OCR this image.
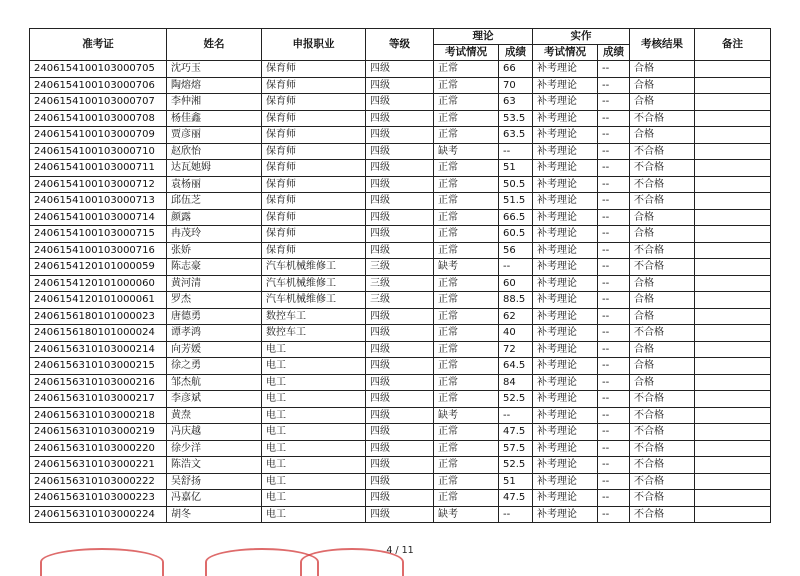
准考证	姓名	申报职业	等级	理论		实作		考核结果	备注
				考试情况	成绩	考试情况	成绩		
2406154100103000705	沈巧玉	保育师	四级	正常	66	补考理论	--	合格	
2406154100103000706	陶熔熔	保育师	四级	正常	70	补考理论	--	合格	
2406154100103000707	李仲湘	保育师	四级	正常	63	补考理论	--	合格	
2406154100103000708	杨佳鑫	保育师	四级	正常	53.5	补考理论	--	不合格	
2406154100103000709	贾彦丽	保育师	四级	正常	63.5	补考理论	--	合格	
2406154100103000710	赵欣怡	保育师	四级	缺考	--	补考理论	--	不合格	
2406154100103000711	达瓦她姆	保育师	四级	正常	51	补考理论	--	不合格	
2406154100103000712	袁杨丽	保育师	四级	正常	50.5	补考理论	--	不合格	
2406154100103000713	邱伍芝	保育师	四级	正常	51.5	补考理论	--	不合格	
2406154100103000714	颜露	保育师	四级	正常	66.5	补考理论	--	合格	
2406154100103000715	冉茂玲	保育师	四级	正常	60.5	补考理论	--	合格	
2406154100103000716	张娇	保育师	四级	正常	56	补考理论	--	不合格	
2406154120101000059	陈志豪	汽车机械维修工	三级	缺考	--	补考理论	--	不合格	
2406154120101000060	黄河清	汽车机械维修工	三级	正常	60	补考理论	--	合格	
2406154120101000061	罗杰	汽车机械维修工	三级	正常	88.5	补考理论	--	合格	
2406156180101000023	唐德勇	数控车工	四级	正常	62	补考理论	--	合格	
2406156180101000024	谭孝鸿	数控车工	四级	正常	40	补考理论	--	不合格	
2406156310103000214	向芳媛	电工	四级	正常	72	补考理论	--	合格	
2406156310103000215	徐之勇	电工	四级	正常	64.5	补考理论	--	合格	
2406156310103000216	邹杰航	电工	四级	正常	84	补考理论	--	合格	
2406156310103000217	李彦斌	电工	四级	正常	52.5	补考理论	--	不合格	
2406156310103000218	黄焘	电工	四级	缺考	--	补考理论	--	不合格	
2406156310103000219	冯庆越	电工	四级	正常	47.5	补考理论	--	不合格	
2406156310103000220	徐少洋	电工	四级	正常	57.5	补考理论	--	不合格	
2406156310103000221	陈浩文	电工	四级	正常	52.5	补考理论	--	不合格	
2406156310103000222	吴舒扬	电工	四级	正常	51	补考理论	--	不合格	
2406156310103000223	冯嘉亿	电工	四级	正常	47.5	补考理论	--	不合格	
2406156310103000224	胡冬	电工	四级	缺考	--	补考理论	--	不合格	
4 / 11
